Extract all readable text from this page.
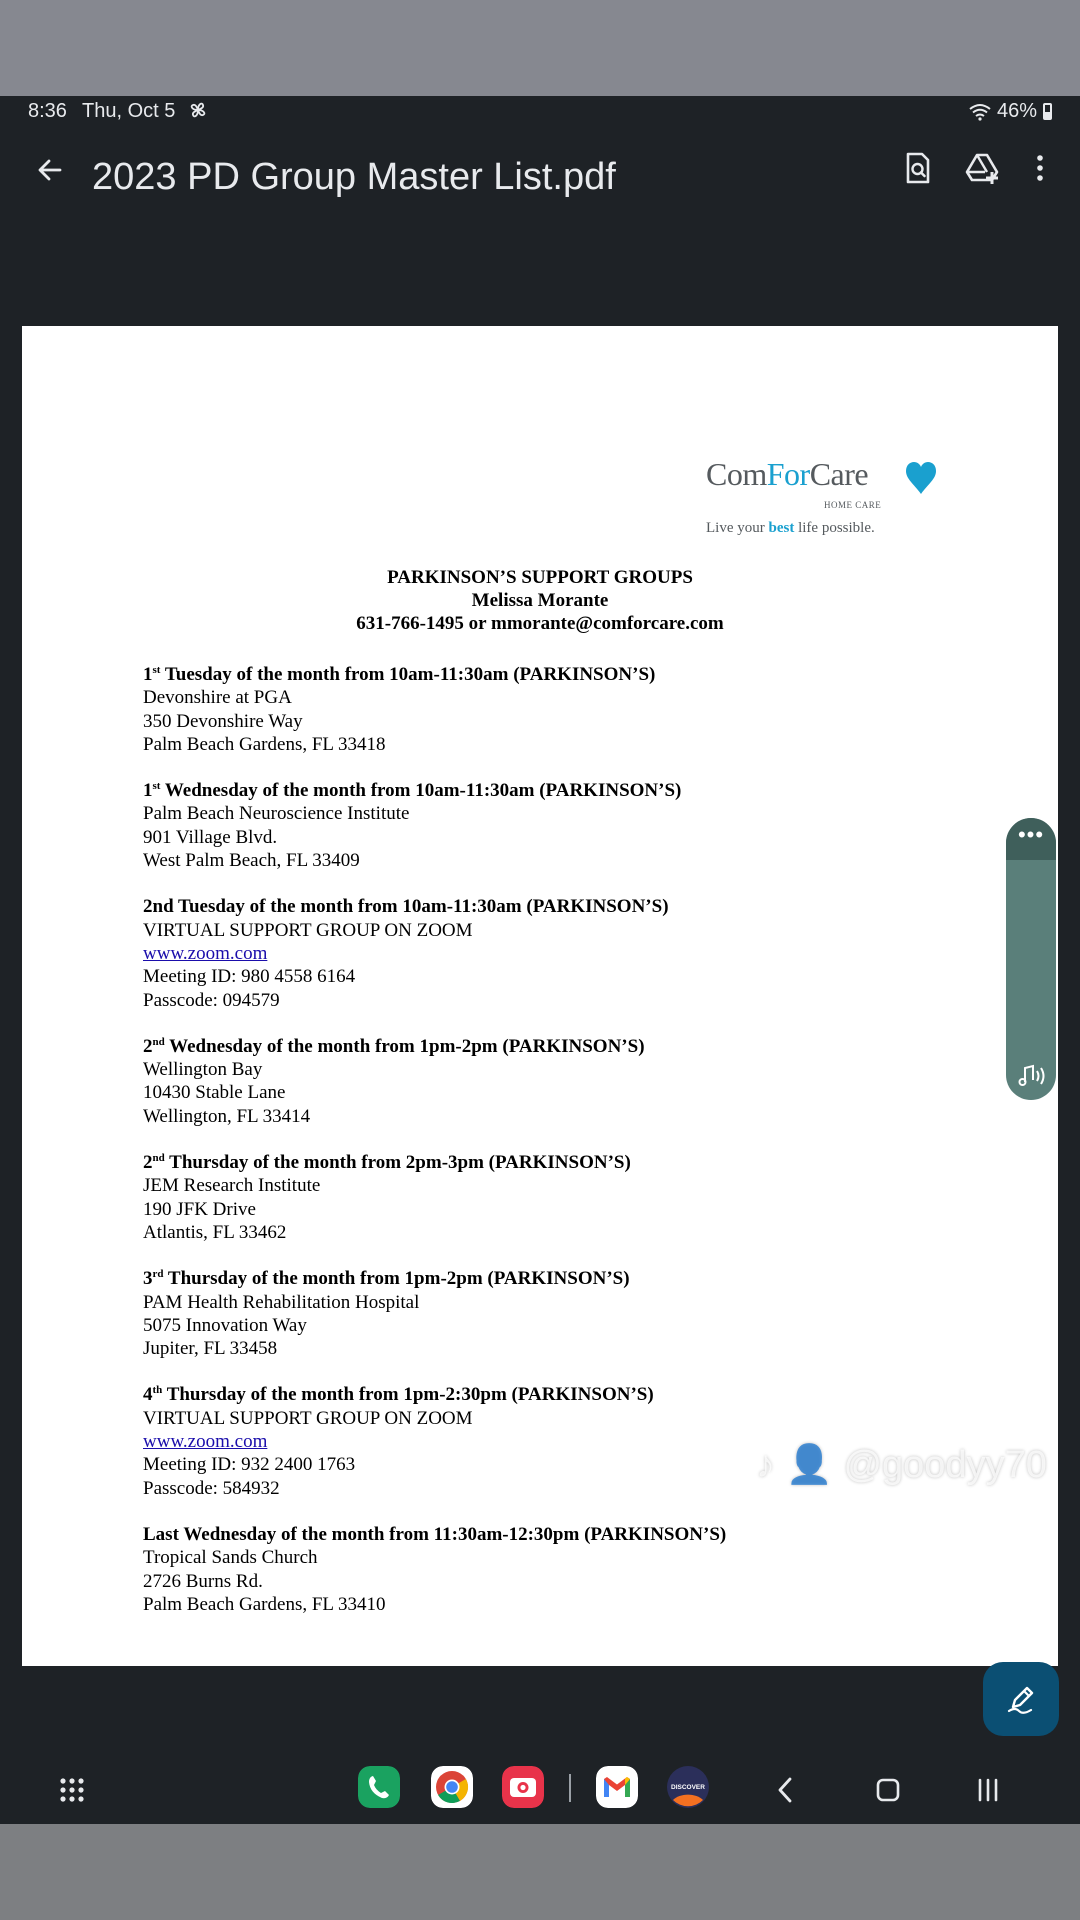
8:36 Thu, Oct 5	46%
2023 PD Group Master List.pdf
ComForCare
HOME CARE
Live your best life possible.
PARKINSON’S SUPPORT GROUPS
Melissa Morante
631-766-1495 or mmorante@comforcare.com
1st Tuesday of the month from 10am-11:30am (PARKINSON’S)
Devonshire at PGA
350 Devonshire Way
Palm Beach Gardens, FL 33418
1st Wednesday of the month from 10am-11:30am (PARKINSON’S)
Palm Beach Neuroscience Institute
901 Village Blvd.
West Palm Beach, FL 33409
2nd Tuesday of the month from 10am-11:30am (PARKINSON’S)
VIRTUAL SUPPORT GROUP ON ZOOM
www.zoom.com
Meeting ID: 980 4558 6164
Passcode: 094579
2nd Wednesday of the month from 1pm-2pm (PARKINSON’S)
Wellington Bay
10430 Stable Lane
Wellington, FL 33414
2nd Thursday of the month from 2pm-3pm (PARKINSON’S)
JEM Research Institute
190 JFK Drive
Atlantis, FL 33462
3rd Thursday of the month from 1pm-2pm (PARKINSON’S)
PAM Health Rehabilitation Hospital
5075 Innovation Way
Jupiter, FL 33458
4th Thursday of the month from 1pm-2:30pm (PARKINSON’S)
VIRTUAL SUPPORT GROUP ON ZOOM
www.zoom.com
Meeting ID: 932 2400 1763
Passcode: 584932
Last Wednesday of the month from 11:30am-12:30pm (PARKINSON’S)
Tropical Sands Church
2726 Burns Rd.
Palm Beach Gardens, FL 33410
•••
♪ 👤 @goodyy70
DISCOVER
